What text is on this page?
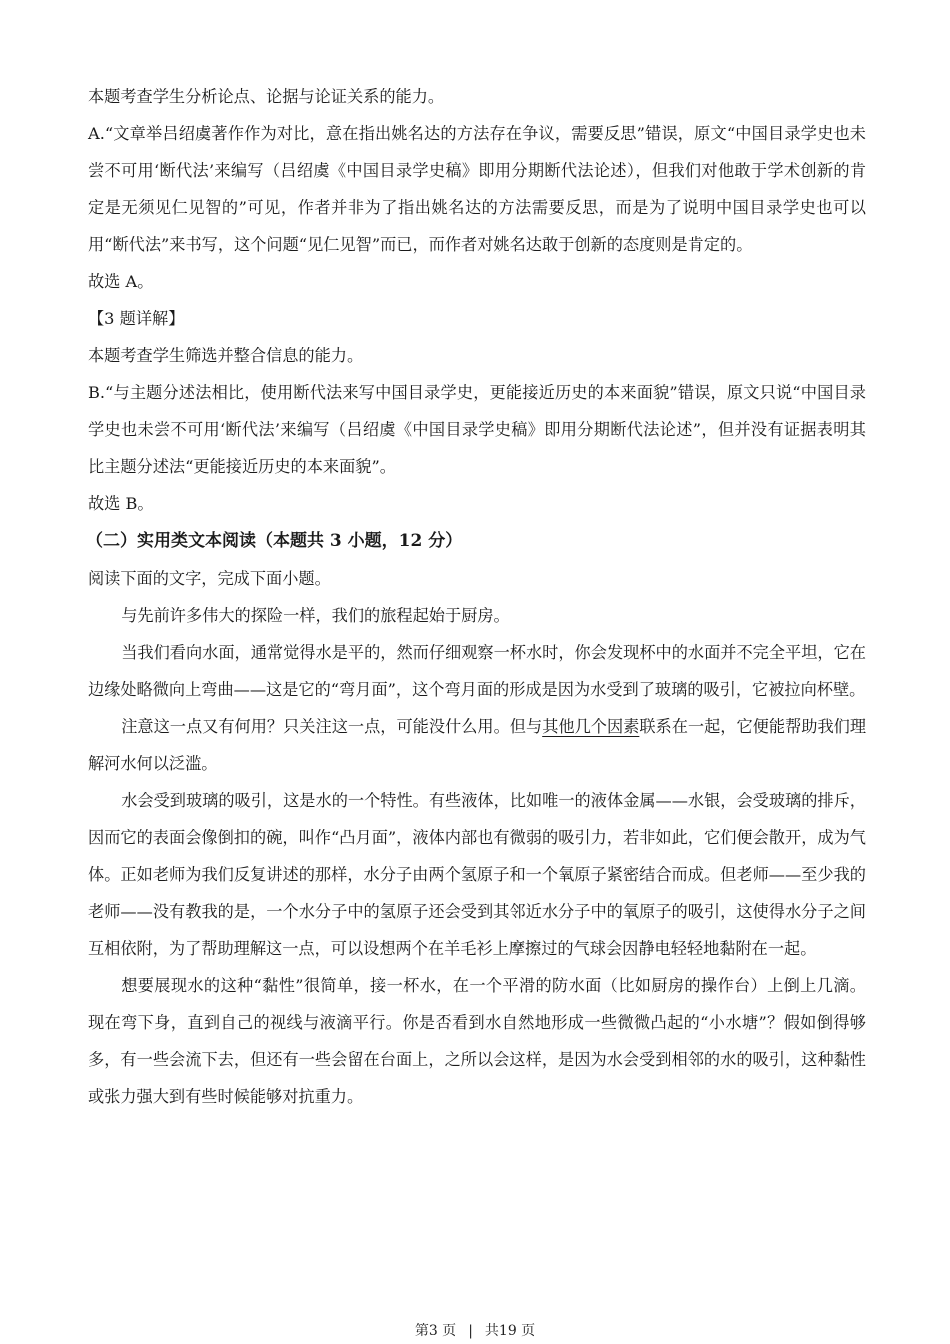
本题考查学生分析论点、论据与论证关系的能力。

A.“文章举吕绍虞著作作为对比，意在指出姚名达的方法存在争议，需要反思”错误，原文“中国目录学史也未尝不可用‘断代法’来编写（吕绍虞《中国目录学史稿》即用分期断代法论述），但我们对他敢于学术创新的肯定是无须见仁见智的”可见，作者并非为了指出姚名达的方法需要反思，而是为了说明中国目录学史也可以用“断代法”来书写，这个问题“见仁见智”而已，而作者对姚名达敢于创新的态度则是肯定的。

故选 A。

【3 题详解】

本题考查学生筛选并整合信息的能力。

B.“与主题分述法相比，使用断代法来写中国目录学史，更能接近历史的本来面貌”错误，原文只说“中国目录学史也未尝不可用‘断代法’来编写（吕绍虞《中国目录学史稿》即用分期断代法论述”，但并没有证据表明其比主题分述法“更能接近历史的本来面貌”。

故选 B。

（二）实用类文本阅读（本题共 3 小题，12 分）

阅读下面的文字，完成下面小题。

与先前许多伟大的探险一样，我们的旅程起始于厨房。

当我们看向水面，通常觉得水是平的，然而仔细观察一杯水时，你会发现杯中的水面并不完全平坦，它在边缘处略微向上弯曲——这是它的“弯月面”，这个弯月面的形成是因为水受到了玻璃的吸引，它被拉向杯壁。

注意这一点又有何用？只关注这一点，可能没什么用。但与其他几个因素联系在一起，它便能帮助我们理解河水何以泛滥。

水会受到玻璃的吸引，这是水的一个特性。有些液体，比如唯一的液体金属——水银，会受玻璃的排斥，因而它的表面会像倒扣的碗，叫作“凸月面”，液体内部也有微弱的吸引力，若非如此，它们便会散开，成为气体。正如老师为我们反复讲述的那样，水分子由两个氢原子和一个氧原子紧密结合而成。但老师——至少我的老师——没有教我的是，一个水分子中的氢原子还会受到其邻近水分子中的氧原子的吸引，这使得水分子之间互相依附，为了帮助理解这一点，可以设想两个在羊毛衫上摩擦过的气球会因静电轻轻地黏附在一起。

想要展现水的这种“黏性”很简单，接一杯水，在一个平滑的防水面（比如厨房的操作台）上倒上几滴。现在弯下身，直到自己的视线与液滴平行。你是否看到水自然地形成一些微微凸起的“小水塘”？假如倒得够多，有一些会流下去，但还有一些会留在台面上，之所以会这样，是因为水会受到相邻的水的吸引，这种黏性或张力强大到有些时候能够对抗重力。

第3 页 | 共19 页
